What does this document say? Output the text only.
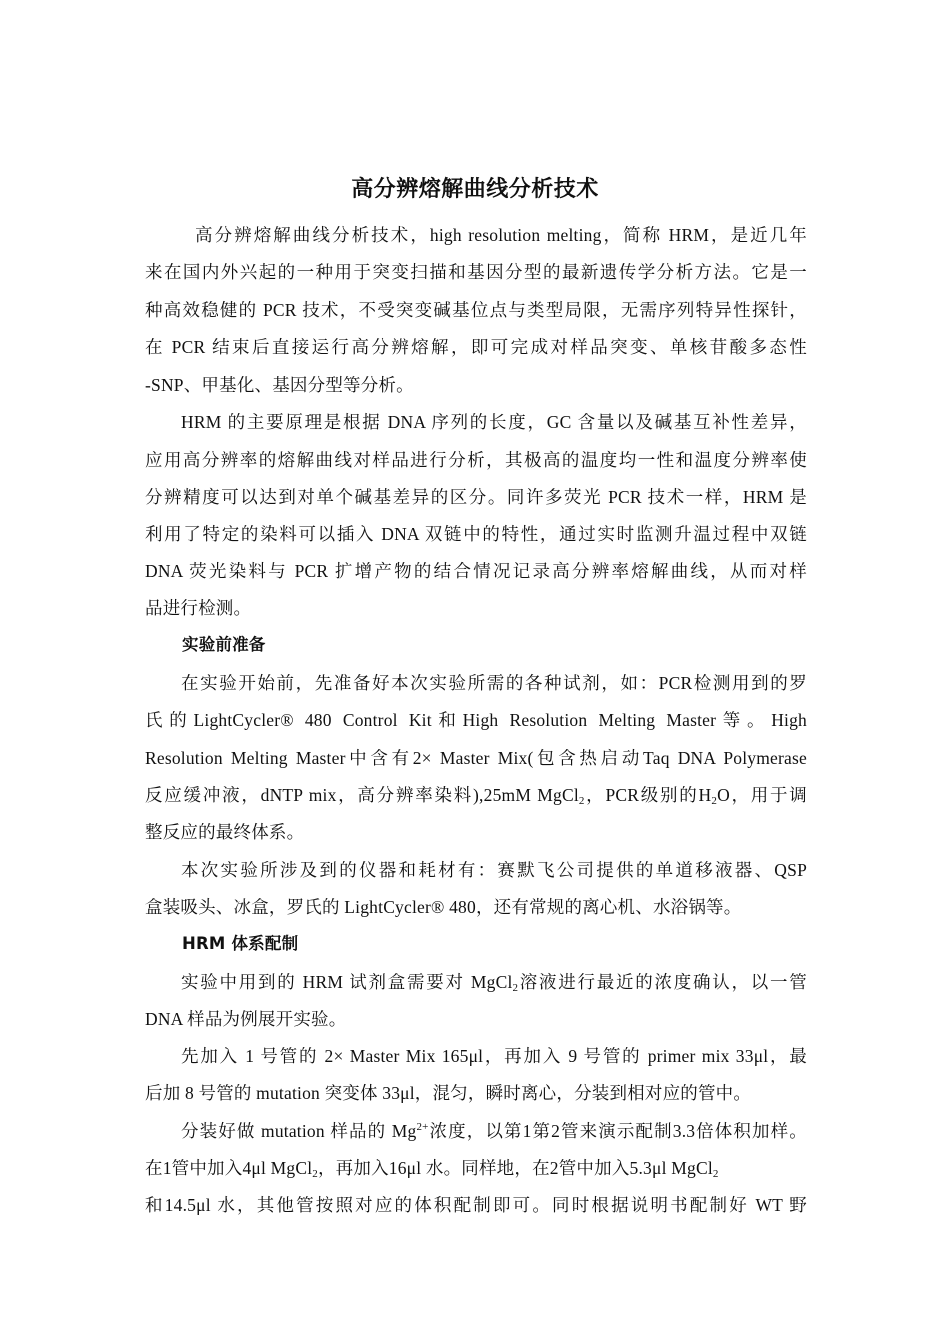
高分辨熔解曲线分析技术
高分辨熔解曲线分析技术，high resolution melting，简称 HRM，是近几年
来在国内外兴起的一种用于突变扫描和基因分型的最新遗传学分析方法。它是一
种高效稳健的 PCR 技术，不受突变碱基位点与类型局限，无需序列特异性探针，
在 PCR 结束后直接运行高分辨熔解，即可完成对样品突变、单核苷酸多态性
-SNP、甲基化、基因分型等分析。
HRM 的主要原理是根据 DNA 序列的长度，GC 含量以及碱基互补性差异，
应用高分辨率的熔解曲线对样品进行分析，其极高的温度均一性和温度分辨率使
分辨精度可以达到对单个碱基差异的区分。同许多荧光 PCR 技术一样，HRM 是
利用了特定的染料可以插入 DNA 双链中的特性，通过实时监测升温过程中双链
DNA 荧光染料与 PCR 扩增产物的结合情况记录高分辨率熔解曲线，从而对样
品进行检测。
实验前准备
在实验开始前，先准备好本次实验所需的各种试剂，如：PCR检测用到的罗
氏的LightCycler® 480 Control Kit和High Resolution Melting Master等。High
Resolution Melting Master中含有2× Master Mix(包含热启动Taq DNA Polymerase
反应缓冲液，dNTP mix，高分辨率染料),25mM MgCl$_2$，PCR级别的$H_2O$，用于调
整反应的最终体系。
本次实验所涉及到的仪器和耗材有：赛默飞公司提供的单道移液器、QSP
盒装吸头、冰盒，罗氏的 LightCycler® 480，还有常规的离心机、水浴锅等。
HRM 体系配制
实验中用到的 HRM 试剂盒需要对 MgCl$_2$溶液进行最近的浓度确认，以一管
DNA 样品为例展开实验。
先加入 1 号管的 2× Master Mix 165μl，再加入 9 号管的 primer mix 33μl，最
后加 8 号管的 mutation 突变体 33μl，混匀，瞬时离心，分装到相对应的管中。
分装好做 mutation 样品的 $Mg^{2+}$浓度，以第1第2管来演示配制3.3倍体积加样。
在1管中加入4μl MgCl$_2$，再加入16μl 水。同样地，在2管中加入5.3μl MgCl$_2$
和14.5μl 水，其他管按照对应的体积配制即可。同时根据说明书配制好 WT 野
